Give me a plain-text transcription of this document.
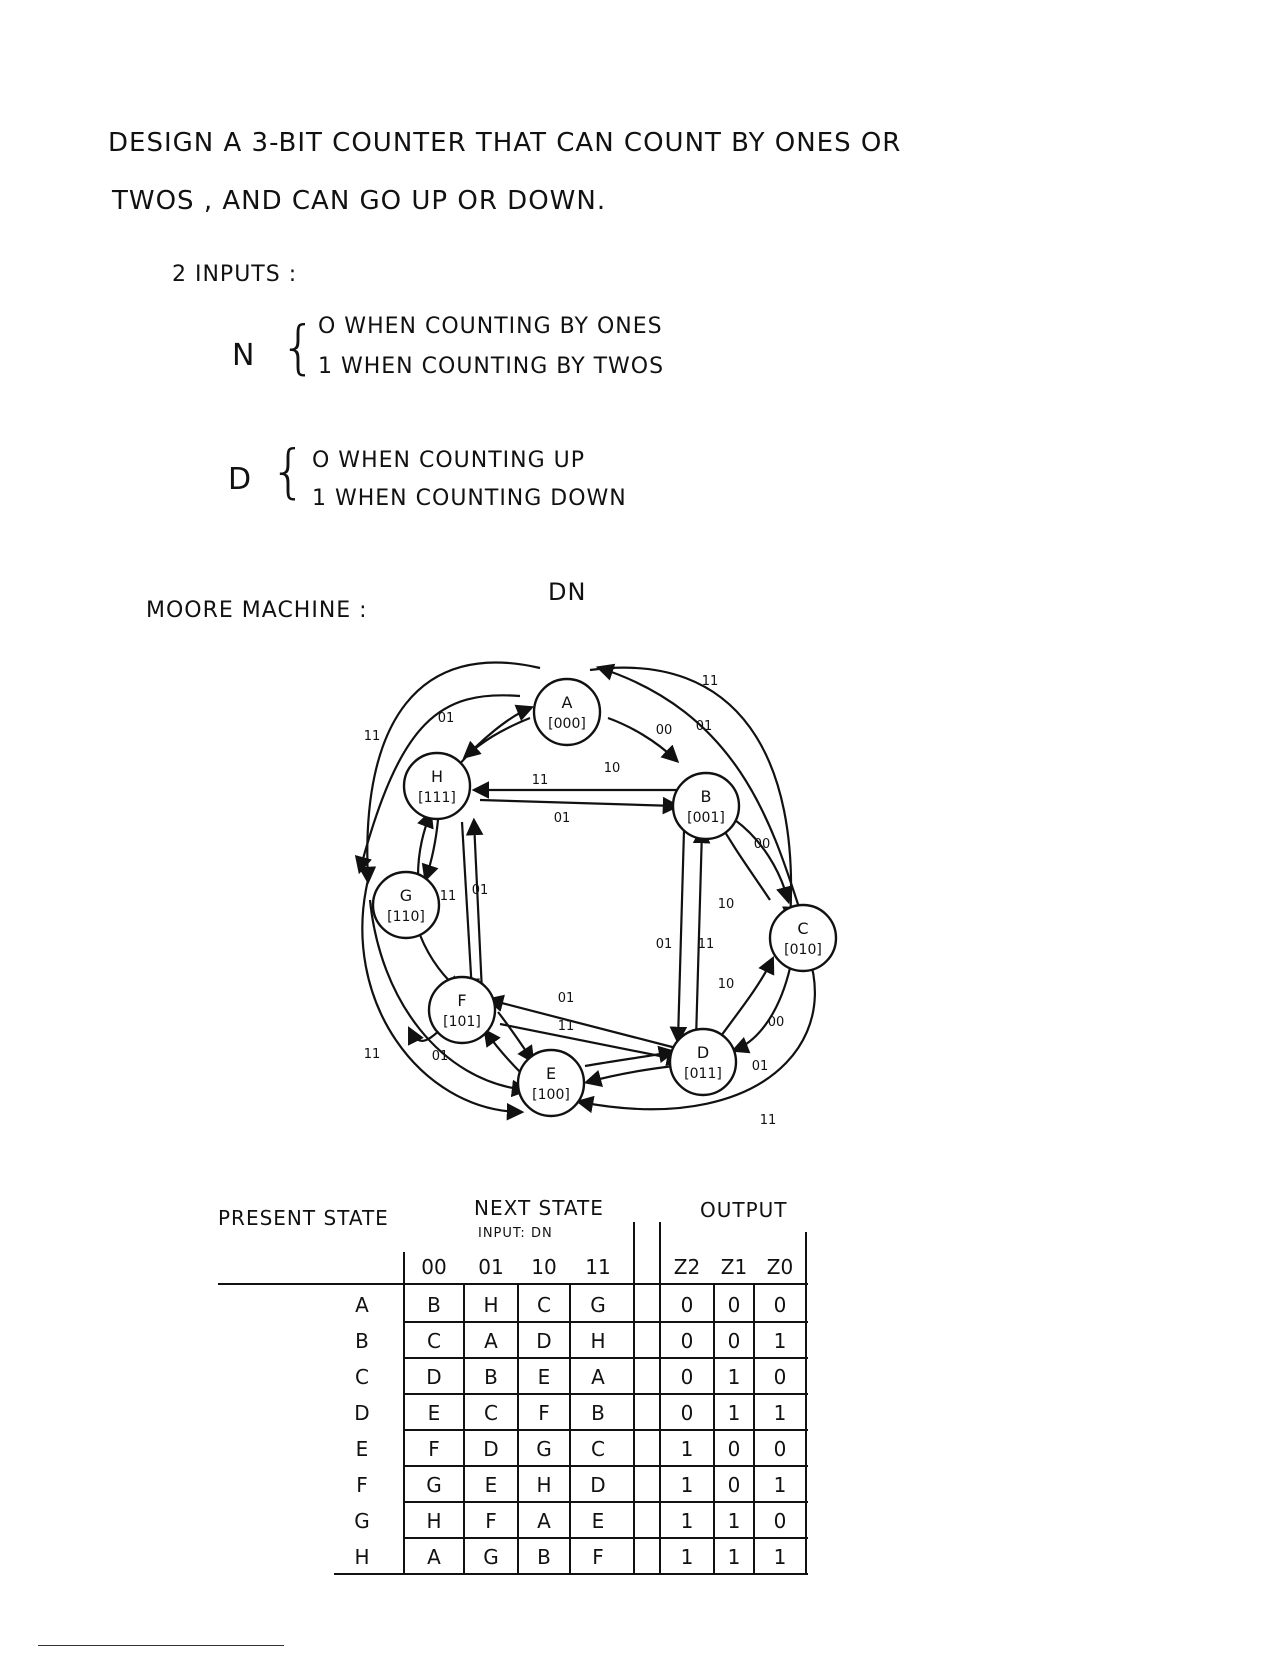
DESIGN A 3-BIT COUNTER THAT CAN COUNT BY ONES OR
TWOS , AND CAN GO UP OR DOWN.
2 INPUTS :
N { O WHEN COUNTING BY ONES
1 WHEN COUNTING BY TWOS
D { O WHEN COUNTING UP
1 WHEN COUNTING DOWN
MOORE MACHINE :
DN
A
[000]
B
[001]
C
[010]
D
[011]
E
[100]
F
[101]
G
[110]
H
[111]
01
11
11
01
00
10
11
01
00
10
01 11
11 01
10
00
01
11
01
11
01
11
PRESENT STATE	NEXT STATE
INPUT: DN
OUTPUT
00 01 10 11	Z2 Z1 Z0
A	B H C G	0 0 0
B	C A D H	0 0 1
C	D B E A	0 1 0
D	E C F B	0 1 1
E	F D G C	1 0 0
F	G E H D	1 0 1
G	H F A E	1 1 0
H	A G B F	1 1 1
